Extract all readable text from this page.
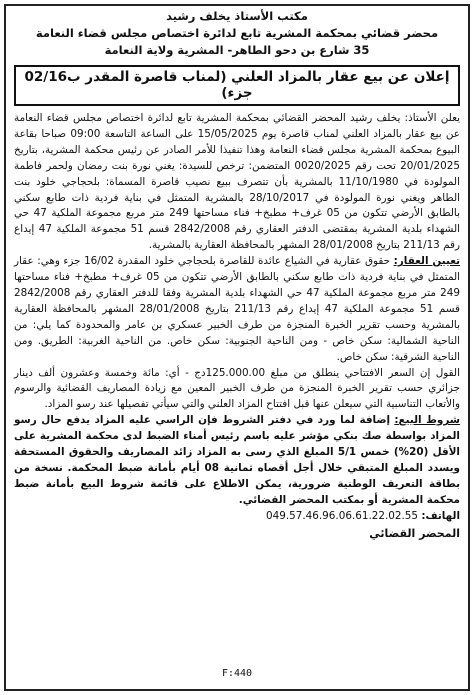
مكتب الأستاذ يخلف رشيد
محضر قضائي بمحكمة المشرية تابع لدائرة اختصاص مجلس قضاء النعامة
35 شارع بن دحو الطاهر- المشرية ولاية النعامة
إعلان عن بيع عقار بالمزاد العلني (لمناب قاصرة المقدر ب02/16 جزء)

يعلن الأستاذ: يخلف رشيد المحضر القضائي بمحكمة المشرية تابع لدائرة اختصاص مجلس قضاء النعامة عن بيع عقار بالمزاد العلني لمناب قاصرة يوم 15/05/2025 على الساعة التاسعة 09:00 صباحا بقاعة البيوع بمحكمة المشرية مجلس قضاء النعامة وهذا تنفيذا للأمر الصادر عن رئيس محكمة المشرية، بتاريخ 20/01/2025 تحت رقم 0020/2025 المتضمن: ترخص للسيدة: يغني نورة بنت رمضان ولحمر فاطمة المولودة في 11/10/1980 بالمشرية بأن تتصرف ببيع نصيب قاصرة المسماة: بلحجاجي خلود بنت الطاهر ويغني نورة المولودة في 28/10/2017 بالمشرية المتمثل في بناية فردية ذات طابع سكني بالطابق الأرضي تتكون من 05 غرف+ مطبخ+ فناء مساحتها 249 متر مربع مجموعة الملكية 47 حي الشهداء بلدية المشرية بمقتضى الدفتر العقاري رقم 2842/2008 قسم 51 مجموعة الملكية 47 إيداع رقم 211/13 بتاريخ 28/01/2008 المشهر بالمحافظة العقارية بالمشرية.

تعيين العقار: حقوق عقارية في الشياع عائدة للقاصرة بلحجاجي خلود المقدرة 16/02 جزء وهي: عقار المتمثل في بناية فردية ذات طابع سكني بالطابق الأرضي تتكون من 05 غرف+ مطبخ+ فناء مساحتها 249 متر مربع مجموعة الملكية 47 حي الشهداء بلدية المشرية وفقا للدفتر العقاري رقم 2842/2008 قسم 51 مجموعة الملكية 47 إيداع رقم 211/13 بتاريخ 28/01/2008 المشهر بالمحافظة العقارية بالمشرية وحسب تقرير الخبرة المنجزة من طرف الخبير عسكري بن عامر والمحدودة كما يلي: من الناحية الشمالية: سكن خاص - ومن الناحية الجنوبية: سكن خاص. من الناحية الغربية: الطريق. ومن الناحية الشرقية: سكن خاص.

القول إن السعر الافتتاحي ينطلق من مبلغ 125.000.00دج - أي: مائة وخمسة وعشرون ألف دينار جزائري حسب تقرير الخبرة المنجزة من طرف الخبير المعين مع زيادة المصاريف القضائية والرسوم والأتعاب التناسبية التي سيعلن عنها قبل افتتاح المزاد العلني والتي سيأتي تفصيلها عند رسو المزاد.

شروط البيع: إضافة لما ورد في دفتر الشروط فإن الراسي عليه المزاد يدفع حال رسو المزاد بواسطة صك بنكي مؤشر عليه باسم رئيس أمناء الضبط لدى محكمة المشرية على الأقل (20%) خمس 5/1 المبلغ الذي رسى به المزاد زائد المصاريف والحقوق المستحقة ويسدد المبلغ المتبقي خلال أجل أقصاه ثمانية 08 أيام بأمانة ضبط المحكمة. نسخة من بطاقة التعريف الوطنية ضرورية، يمكن الاطلاع على قائمة شروط البيع بأمانة ضبط محكمة المشرية أو بمكتب المحضر القضائي.

الهاتف: 049.57.46.96.06.61.22.02.55
المحضر القضائي
F:440
